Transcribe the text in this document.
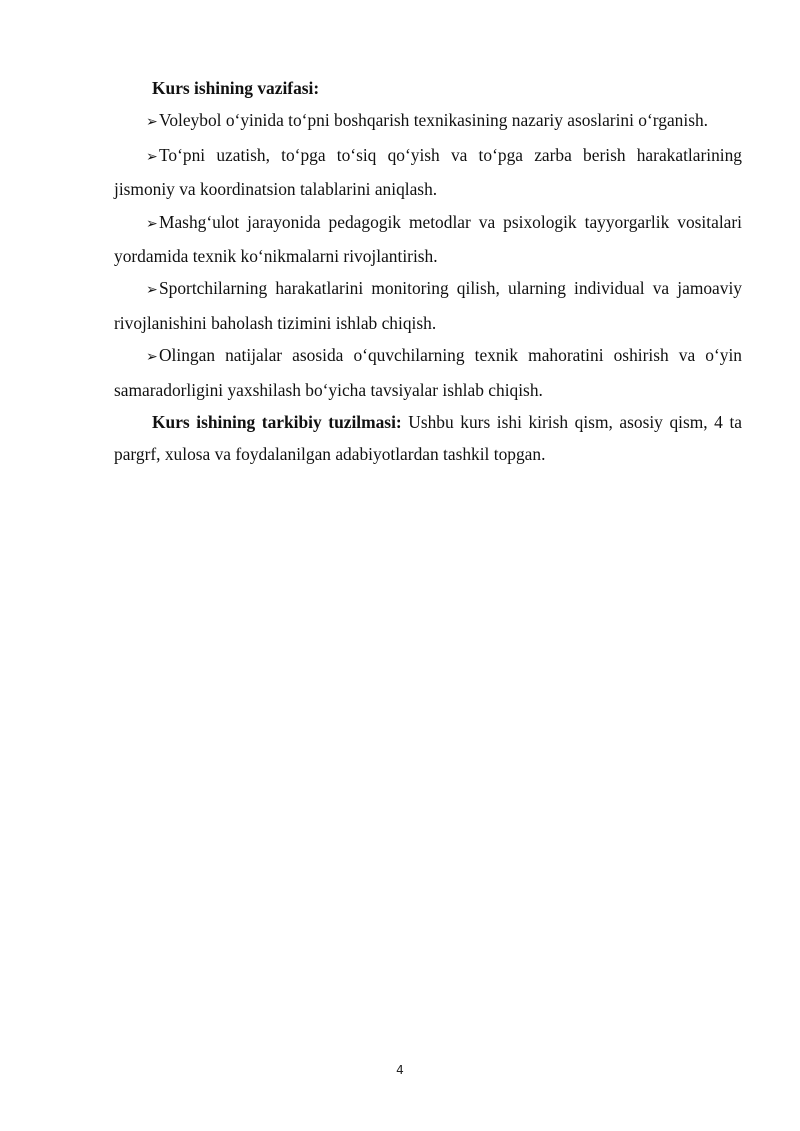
Kurs ishining vazifasi:

➢Voleybol o‘yinida to‘pni boshqarish texnikasining nazariy asoslarini o‘rganish.

➢To‘pni uzatish, to‘pga to‘siq qo‘yish va to‘pga zarba berish harakatlarining jismoniy va koordinatsion talablarini aniqlash.

➢Mashg‘ulot jarayonida pedagogik metodlar va psixologik tayyorgarlik vositalari yordamida texnik ko‘nikmalarni rivojlantirish.

➢Sportchilarning harakatlarini monitoring qilish, ularning individual va jamoaviy rivojlanishini baholash tizimini ishlab chiqish.

➢Olingan natijalar asosida o‘quvchilarning texnik mahoratini oshirish va o‘yin samaradorligini yaxshilash bo‘yicha tavsiyalar ishlab chiqish.

Kurs ishining tarkibiy tuzilmasi: Ushbu kurs ishi kirish qism, asosiy qism, 4 ta pargrf, xulosa va foydalanilgan adabiyotlardan tashkil topgan.

4
